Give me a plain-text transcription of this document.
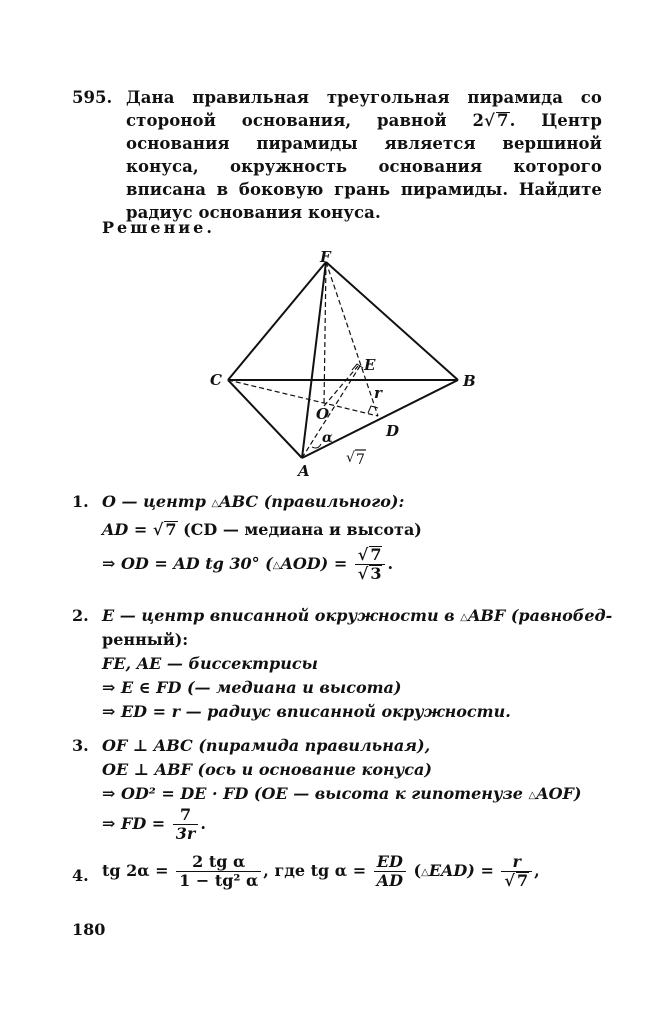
595. Дана правильная треугольная пирамида со стороной основания, равной 2√ 7. Центр основания пирамиды является вершиной конуса, окружность основания которого вписана в боковую грань пирамиды. Найдите радиус основания конуса.
Решение.
F
C	B
A
O
E
D
r
α
√ 7
1. O — центр △ABC (правильного):
AD = √ 7 (CD — медиана и высота)
⇒ OD = AD tg 30° (△AOD) = $\frac{√ 7}{√ 3}$ .
2. E — центр вписанной окружности в △ABF (равнобед-
ренный):
FE, AE — биссектрисы
⇒ E ∈ FD (— медиана и высота)
⇒ ED = r — радиус вписанной окружности.
3. OF ⊥ ABC (пирамида правильная),
OE ⊥ ABF (ось и основание конуса)
⇒ OD² = DE · FD (OE — высота к гипотенузе △AOF)
⇒ FD = $\frac{7}{3r}$ .
4. tg $2\alpha = \frac{\text{2 tg α}}{\text{1 − tg² α}}$ , где tg $\alpha = \frac{ED}{AD}$ (△EAD) = $\frac{r}{√ 7}$ ,
180
